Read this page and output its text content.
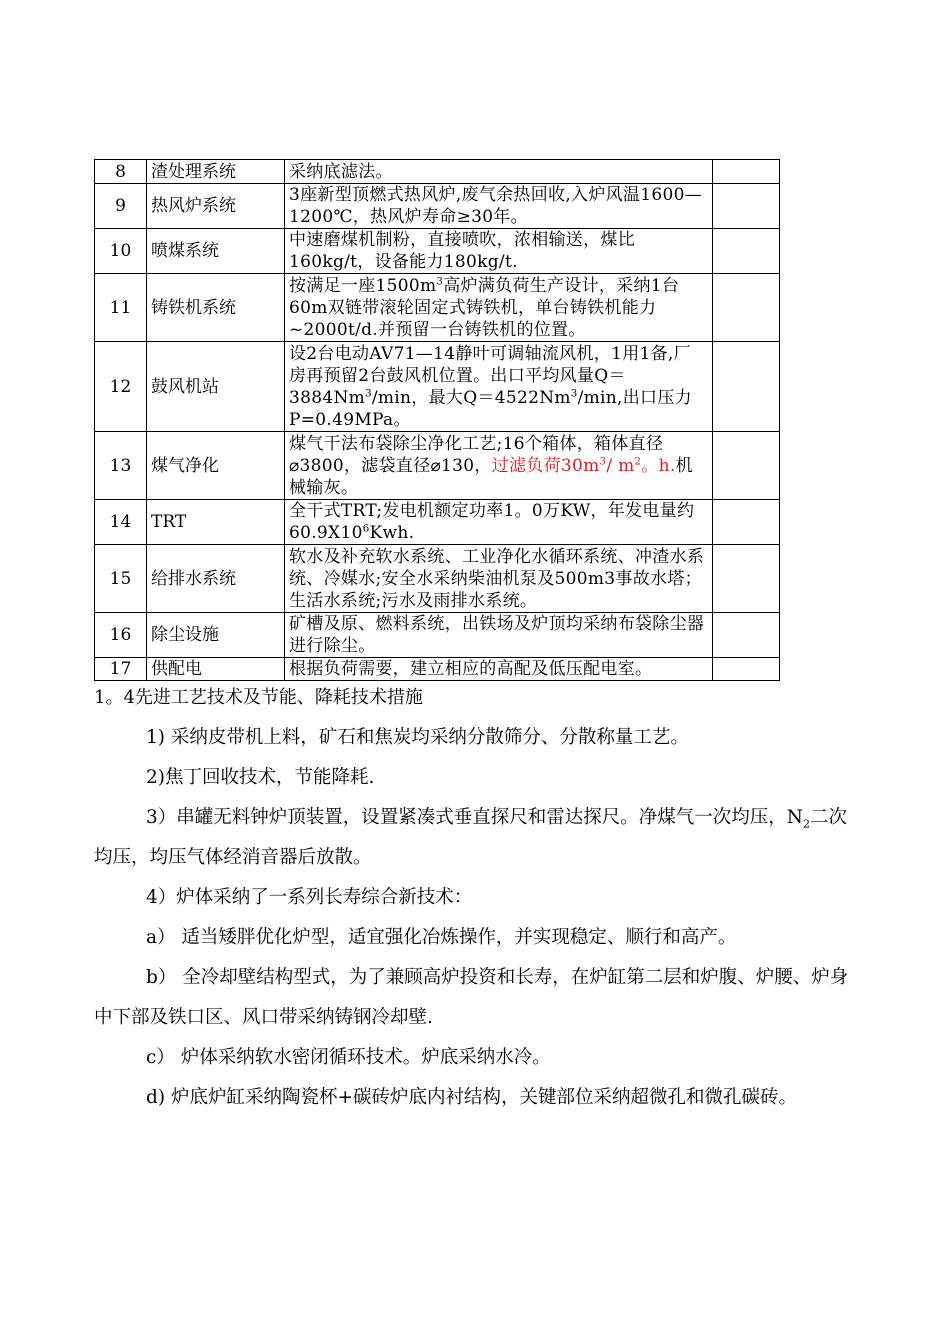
8	渣处理系统	采纳底滤法。	
9	热风炉系统	3座新型顶燃式热风炉,废气余热回收,入炉风温1600—1200℃，热风炉寿命≥30年。	
10	喷煤系统	中速磨煤机制粉，直接喷吹，浓相输送，煤比160kg/t，设备能力180kg/t.	
11	铸铁机系统	按满足一座$1500m^3$高炉满负荷生产设计，采纳1台60m双链带滚轮固定式铸铁机，单台铸铁机能力~2000t/d.并预留一台铸铁机的位置。	
12	鼓风机站	设2台电动AV71—14静叶可调轴流风机，1用1备,厂房再预留2台鼓风机位置。出口平均风量$Q=3884Nm^3/\min$，最大$Q=4522Nm^3/\min$,出口压力P=0.49MPa。	
13	煤气净化	煤气干法布袋除尘净化工艺;16个箱体，箱体直径⌀3800，滤袋直径⌀130，过滤负荷$30m^3/$ $m^2$。h.机械输灰。	
14	TRT	全干式TRT;发电机额定功率1。0万KW，年发电量约$60.9X10^6Kwh$.	
15	给排水系统	软水及补充软水系统、工业净化水循环系统、冲渣水系统、冷媒水;安全水采纳柴油机泵及500m3事故水塔；生活水系统;污水及雨排水系统。	
16	除尘设施	矿槽及原、燃料系统，出铁场及炉顶均采纳布袋除尘器进行除尘。	
17	供配电	根据负荷需要，建立相应的高配及低压配电室。	
1。4先进工艺技术及节能、降耗技术措施

1) 采纳皮带机上料，矿石和焦炭均采纳分散筛分、分散称量工艺。

2)焦丁回收技术，节能降耗.

3）串罐无料钟炉顶装置，设置紧凑式垂直探尺和雷达探尺。净煤气一次均压，$N_2$二次均压，均压气体经消音器后放散。

4）炉体采纳了一系列长寿综合新技术：

a） 适当矮胖优化炉型，适宜强化冶炼操作，并实现稳定、顺行和高产。

b） 全冷却壁结构型式，为了兼顾高炉投资和长寿，在炉缸第二层和炉腹、炉腰、炉身中下部及铁口区、风口带采纳铸钢冷却壁.

c） 炉体采纳软水密闭循环技术。炉底采纳水冷。

d) 炉底炉缸采纳陶瓷杯+碳砖炉底内衬结构，关键部位采纳超微孔和微孔碳砖。
